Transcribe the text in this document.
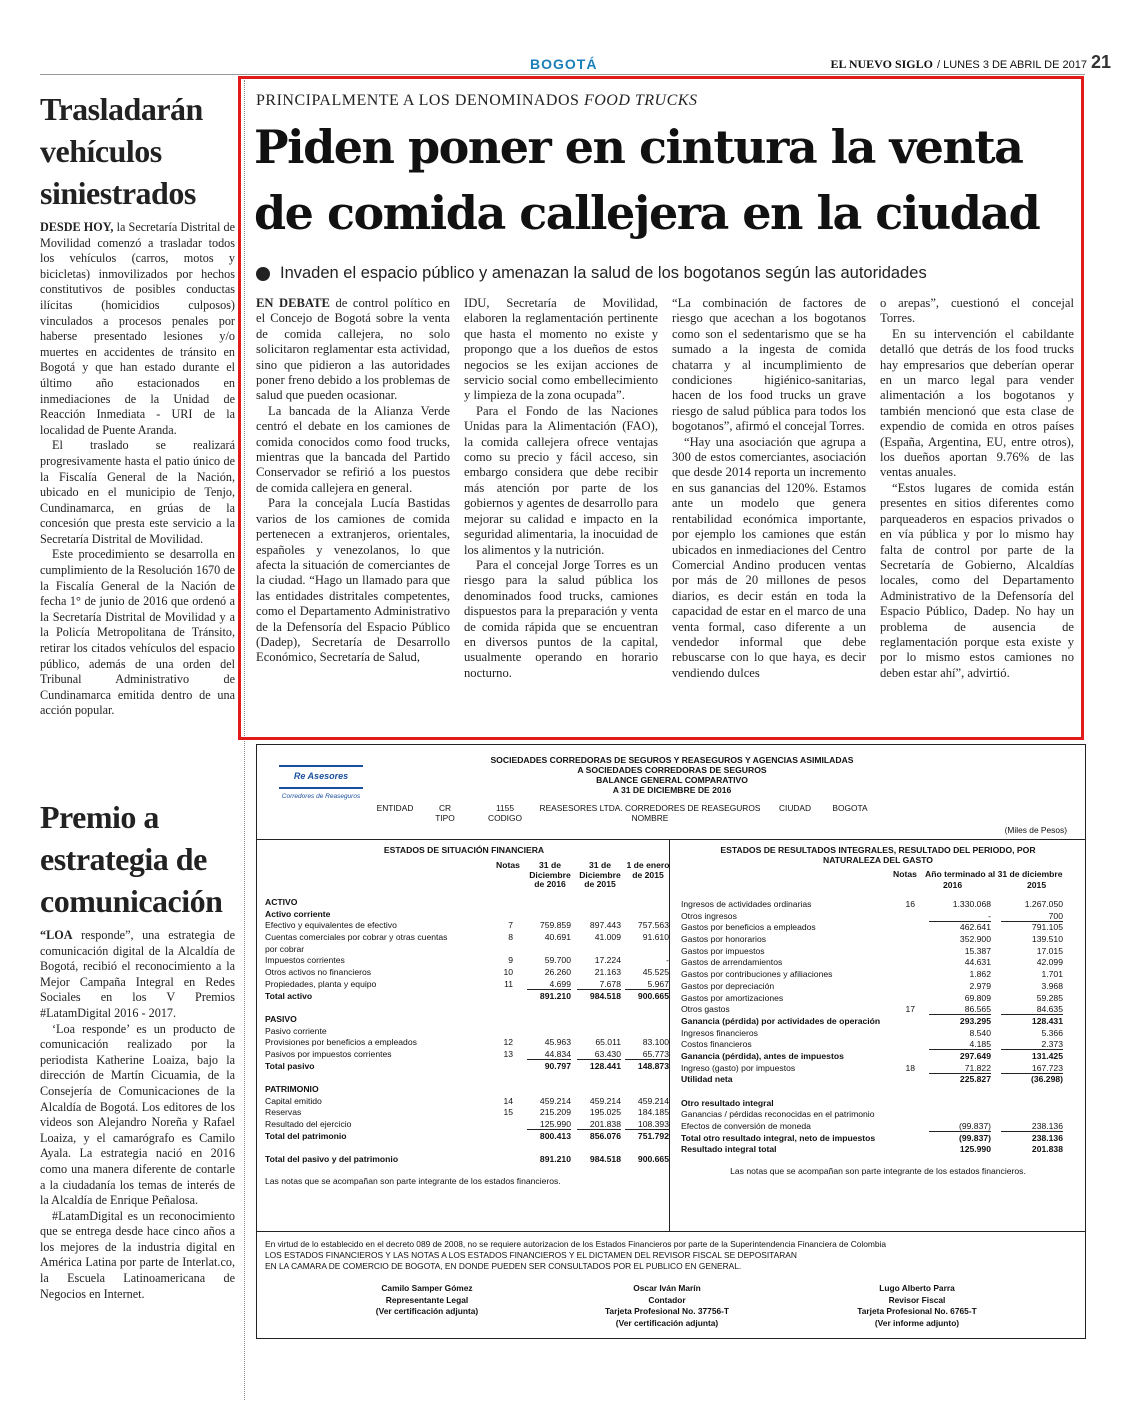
BOGOTÁ	EL NUEVO SIGLO / LUNES 3 DE ABRIL DE 2017 21
Trasladarán vehículos siniestrados

DESDE HOY, la Secretaría Distrital de Movilidad comenzó a trasladar todos los vehículos (carros, motos y bicicletas) inmovilizados por hechos constitutivos de posibles conductas ilícitas (homicidios culposos) vinculados a procesos penales por haberse presentado lesiones y/o muertes en accidentes de tránsito en Bogotá y que han estado durante el último año estacionados en inmediaciones de la Unidad de Reacción Inmediata - URI de la localidad de Puente Aranda.

El traslado se realizará progresivamente hasta el patio único de la Fiscalía General de la Nación, ubicado en el municipio de Tenjo, Cundinamarca, en grúas de la concesión que presta este servicio a la Secretaría Distrital de Movilidad.

Este procedimiento se desarrolla en cumplimiento de la Resolución 1670 de la Fiscalía General de la Nación de fecha 1° de junio de 2016 que ordenó a la Secretaría Distrital de Movilidad y a la Policía Metropolitana de Tránsito, retirar los citados vehículos del espacio público, además de una orden del Tribunal Administrativo de Cundinamarca emitida dentro de una acción popular.

Premio a estrategia de comunicación

“LOA responde”, una estrategia de comunicación digital de la Alcaldía de Bogotá, recibió el reconocimiento a la Mejor Campaña Integral en Redes Sociales en los V Premios #LatamDigital 2016 - 2017.

‘Loa responde’ es un producto de comunicación realizado por la periodista Katherine Loaiza, bajo la dirección de Martín Cicuamia, de la Consejería de Comunicaciones de la Alcaldía de Bogotá. Los editores de los videos son Alejandro Noreña y Rafael Loaiza, y el camarógrafo es Camilo Ayala. La estrategia nació en 2016 como una manera diferente de contarle a la ciudadanía los temas de interés de la Alcaldía de Enrique Peñalosa.

#LatamDigital es un reconocimiento que se entrega desde hace cinco años a los mejores de la industria digital en América Latina por parte de Interlat.co, la Escuela Latinoamericana de Negocios en Internet.

PRINCIPALMENTE A LOS DENOMINADOS FOOD TRUCKS
Piden poner en cintura la venta de comida callejera en la ciudad
Invaden el espacio público y amenazan la salud de los bogotanos según las autoridades

EN DEBATE de control político en el Concejo de Bogotá sobre la venta de comida callejera, no solo solicitaron reglamentar esta actividad, sino que pidieron a las autoridades poner freno debido a los problemas de salud que pueden ocasionar.

La bancada de la Alianza Verde centró el debate en los camiones de comida conocidos como food trucks, mientras que la bancada del Partido Conservador se refirió a los puestos de comida callejera en general.

Para la concejala Lucía Bastidas varios de los camiones de comida pertenecen a extranjeros, orientales, españoles y venezolanos, lo que afecta la situación de comerciantes de la ciudad. “Hago un llamado para que las entidades distritales competentes, como el Departamento Administrativo de la Defensoría del Espacio Público (Dadep), Secretaría de Desarrollo Económico, Secretaría de Salud,

IDU, Secretaría de Movilidad, elaboren la reglamentación pertinente que hasta el momento no existe y propongo que a los dueños de estos negocios se les exijan acciones de servicio social como embellecimiento y limpieza de la zona ocupada”.

Para el Fondo de las Naciones Unidas para la Alimentación (FAO), la comida callejera ofrece ventajas como su precio y fácil acceso, sin embargo considera que debe recibir más atención por parte de los gobiernos y agentes de desarrollo para mejorar su calidad e impacto en la seguridad alimentaria, la inocuidad de los alimentos y la nutrición.

Para el concejal Jorge Torres es un riesgo para la salud pública los denominados food trucks, camiones dispuestos para la preparación y venta de comida rápida que se encuentran en diversos puntos de la capital, usualmente operando en horario nocturno.

“La combinación de factores de riesgo que acechan a los bogotanos como son el sedentarismo que se ha sumado a la ingesta de comida chatarra y al incumplimiento de condiciones higiénico-sanitarias, hacen de los food trucks un grave riesgo de salud pública para todos los bogotanos”, afirmó el concejal Torres.

“Hay una asociación que agrupa a 300 de estos comerciantes, asociación que desde 2014 reporta un incremento en sus ganancias del 120%. Estamos ante un modelo que genera rentabilidad económica importante, por ejemplo los camiones que están ubicados en inmediaciones del Centro Comercial Andino producen ventas por más de 20 millones de pesos diarios, es decir están en toda la capacidad de estar en el marco de una venta formal, caso diferente a un vendedor informal que debe rebuscarse con lo que haya, es decir vendiendo dulces

o arepas”, cuestionó el concejal Torres.

En su intervención el cabildante detalló que detrás de los food trucks hay empresarios que deberían operar en un marco legal para vender alimentación a los bogotanos y también mencionó que esta clase de expendio de comida en otros países (España, Argentina, EU, entre otros), los dueños aportan 9.76% de las ventas anuales.

“Estos lugares de comida están presentes en sitios diferentes como parqueaderos en espacios privados o en vía pública y por lo mismo hay falta de control por parte de la Secretaría de Gobierno, Alcaldías locales, como del Departamento Administrativo de la Defensoría del Espacio Público, Dadep. No hay un problema de ausencia de reglamentación porque esta existe y por lo mismo estos camiones no deben estar ahí”, advirtió.

Re Asesores
Corredores de Reaseguros
SOCIEDADES CORREDORAS DE SEGUROS Y REASEGUROS Y AGENCIAS ASIMILADAS
A SOCIEDADES CORREDORAS DE SEGUROS
BALANCE GENERAL COMPARATIVO
A 31 DE DICIEMBRE DE 2016
ENTIDAD	CR
TIPO
1155
CODIGO
REASESORES LTDA. CORREDORES DE REASEGUROS
NOMBRE
CIUDAD	BOGOTA
(Miles de Pesos)
ESTADOS DE SITUACIÓN FINANCIERA
Notas	31 de Diciembre de 2016
31 de Diciembre de 2015
1 de enero de 2015
ACTIVO
Activo corriente
Efectivo y equivalentes de efectivo	7	759.859	897.443	757.563
Cuentas comerciales por cobrar y otras cuentas	8	40.691	41.009	91.610
por cobrar
Impuestos corrientes	9	59.700	17.224	-
Otros activos no financieros	10	26.260	21.163	45.525
Propiedades, planta y equipo	11	4.699	7.678	5.967
Total activo	891.210	984.518	900.665
PASIVO
Pasivo corriente
Provisiones por beneficios a empleados	12	45.963	65.011	83.100
Pasivos por impuestos corrientes	13	44.834	63.430	65.773
Total pasivo	90.797	128.441	148.873
PATRIMONIO
Capital emitido	14	459.214	459.214	459.214
Reservas	15	215.209	195.025	184.185
Resultado del ejercicio	125.990	201.838	108.393
Total del patrimonio	800.413	856.076	751.792
Total del pasivo y del patrimonio	891.210	984.518	900.665
Las notas que se acompañan son parte integrante de los estados financieros.
ESTADOS DE RESULTADOS INTEGRALES, RESULTADO DEL PERIODO, POR NATURALEZA DEL GASTO
Notas Año terminado al 31 de diciembre
2016	2015
Ingresos de actividades ordinarias	16	1.330.068	1.267.050
Otros ingresos	-	700
Gastos por beneficios a empleados	462.641	791.105
Gastos por honorarios	352.900	139.510
Gastos por impuestos	15.387	17.015
Gastos de arrendamientos	44.631	42.099
Gastos por contribuciones y afiliaciones	1.862	1.701
Gastos por depreciación	2.979	3.968
Gastos por amortizaciones	69.809	59.285
Otros gastos	17	86.565	84.635
Ganancia (pérdida) por actividades de operación	293.295	128.431
Ingresos financieros	8.540	5.366
Costos financieros	4.185	2.373
Ganancia (pérdida), antes de impuestos	297.649	131.425
Ingreso (gasto) por impuestos	18	71.822	167.723
Utilidad neta	225.827	(36.298)
Otro resultado integral
Ganancias / pérdidas reconocidas en el patrimonio
Efectos de conversión de moneda	(99.837)	238.136
Total otro resultado integral, neto de impuestos	(99.837)	238.136
Resultado integral total	125.990	201.838
Las notas que se acompañan son parte integrante de los estados financieros.
En virtud de lo establecido en el decreto 089 de 2008, no se requiere autorizacion de los Estados Financieros por parte de la Superintendencia Financiera de Colombia
LOS ESTADOS FINANCIEROS Y LAS NOTAS A LOS ESTADOS FINANCIEROS Y EL DICTAMEN DEL REVISOR FISCAL SE DEPOSITARAN
EN LA CAMARA DE COMERCIO DE BOGOTA, EN DONDE PUEDEN SER CONSULTADOS POR EL PUBLICO EN GENERAL.
Camilo Samper Gómez
Representante Legal
(Ver certificación adjunta)
Oscar Iván Marín
Contador
Tarjeta Profesional No. 37756-T
(Ver certificación adjunta)
Lugo Alberto Parra
Revisor Fiscal
Tarjeta Profesional No. 6765-T
(Ver informe adjunto)
